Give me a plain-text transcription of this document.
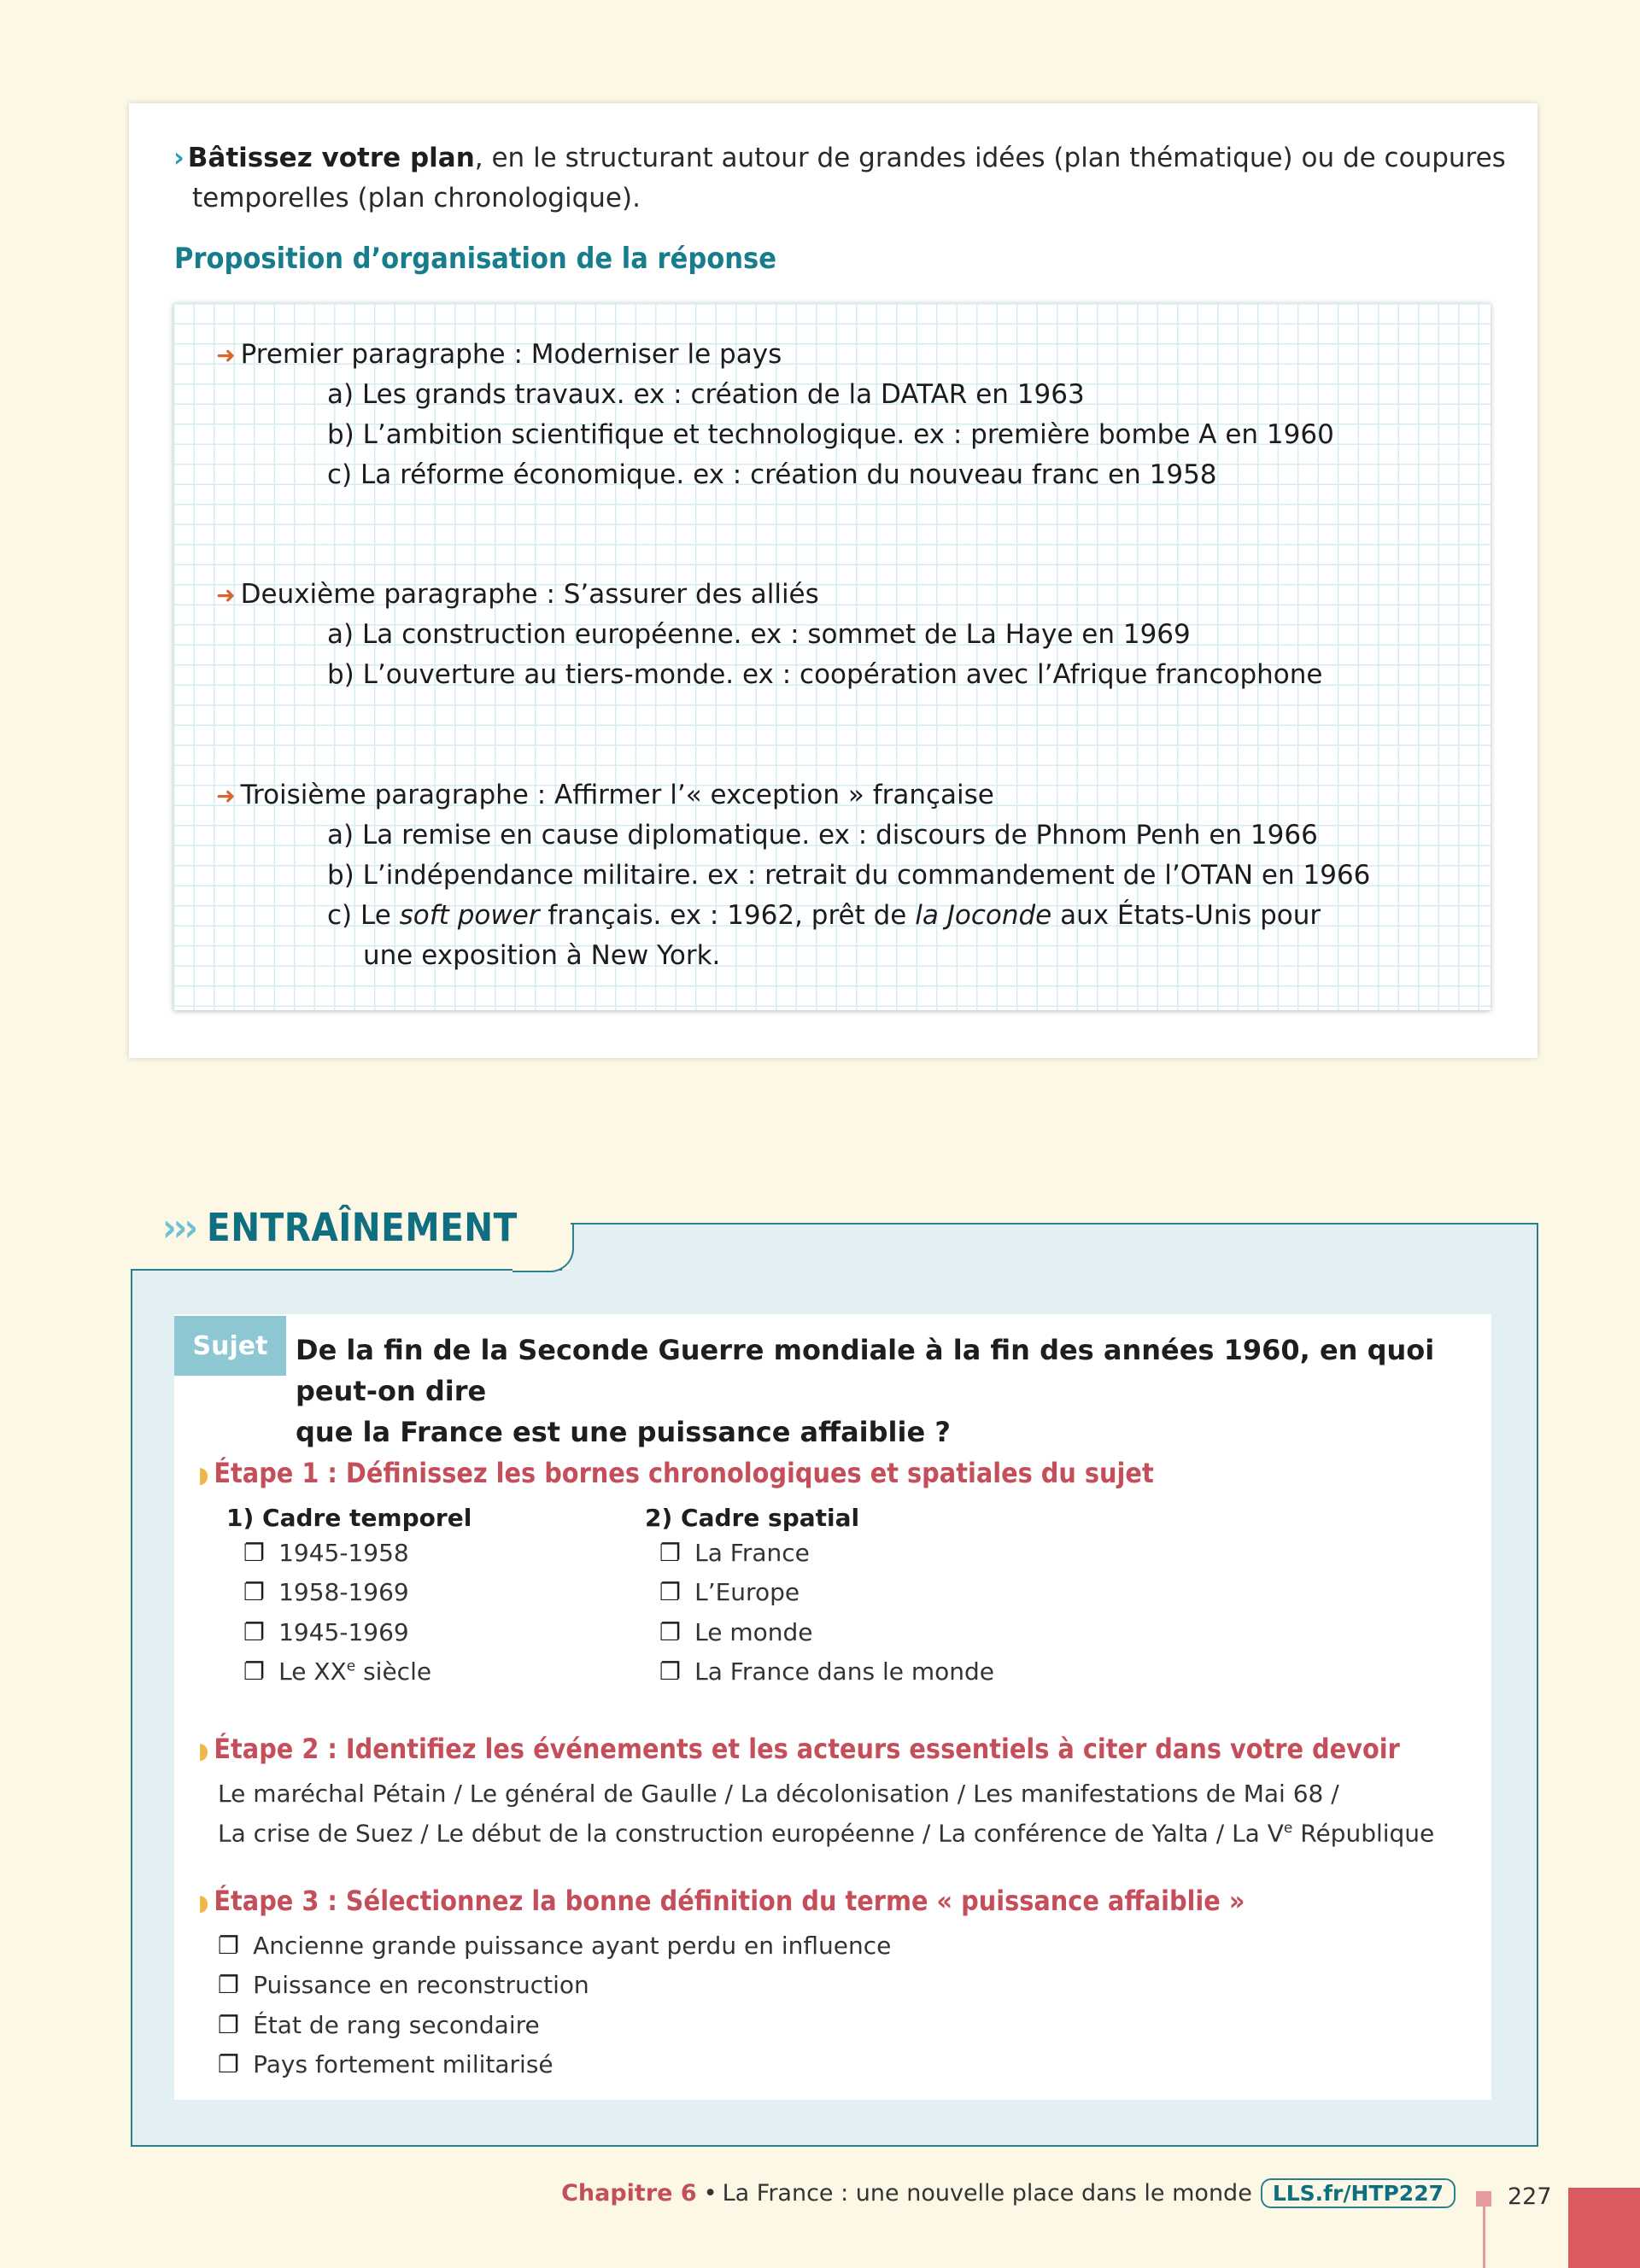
› Bâtissez votre plan, en le structurant autour de grandes idées (plan thématique) ou de coupures
temporelles (plan chronologique).
Proposition d’organisation de la réponse
➜ Premier paragraphe : Moderniser le pays
a) Les grands travaux. ex : création de la DATAR en 1963
b) L’ambition scientifique et technologique. ex : première bombe A en 1960
c) La réforme économique. ex : création du nouveau franc en 1958
➜ Deuxième paragraphe : S’assurer des alliés
a) La construction européenne. ex : sommet de La Haye en 1969
b) L’ouverture au tiers-monde. ex : coopération avec l’Afrique francophone
➜ Troisième paragraphe : Affirmer l’« exception » française
a) La remise en cause diplomatique. ex : discours de Phnom Penh en 1966
b) L’indépendance militaire. ex : retrait du commandement de l’OTAN en 1966
c) Le soft power français. ex : 1962, prêt de la Joconde aux États-Unis pour
une exposition à New York.
››› ENTRAÎNEMENT
Sujet	De la fin de la Seconde Guerre mondiale à la fin des années 1960, en quoi peut-on dire
que la France est une puissance affaiblie ?
◗ Étape 1 : Définissez les bornes chronologiques et spatiales du sujet
1) Cadre temporel
❐ 1945-1958
❐ 1958-1969
❐ 1945-1969
❐ Le XXe siècle
2) Cadre spatial
❐ La France
❐ L’Europe
❐ Le monde
❐ La France dans le monde
◗ Étape 2 : Identifiez les événements et les acteurs essentiels à citer dans votre devoir
Le maréchal Pétain / Le général de Gaulle / La décolonisation / Les manifestations de Mai 68 /
La crise de Suez / Le début de la construction européenne / La conférence de Yalta / La Ve République
◗ Étape 3 : Sélectionnez la bonne définition du terme « puissance affaiblie »
❐ Ancienne grande puissance ayant perdu en influence
❐ Puissance en reconstruction
❐ État de rang secondaire
❐ Pays fortement militarisé
Chapitre 6 • La France : une nouvelle place dans le monde LLS.fr/HTP227	227
